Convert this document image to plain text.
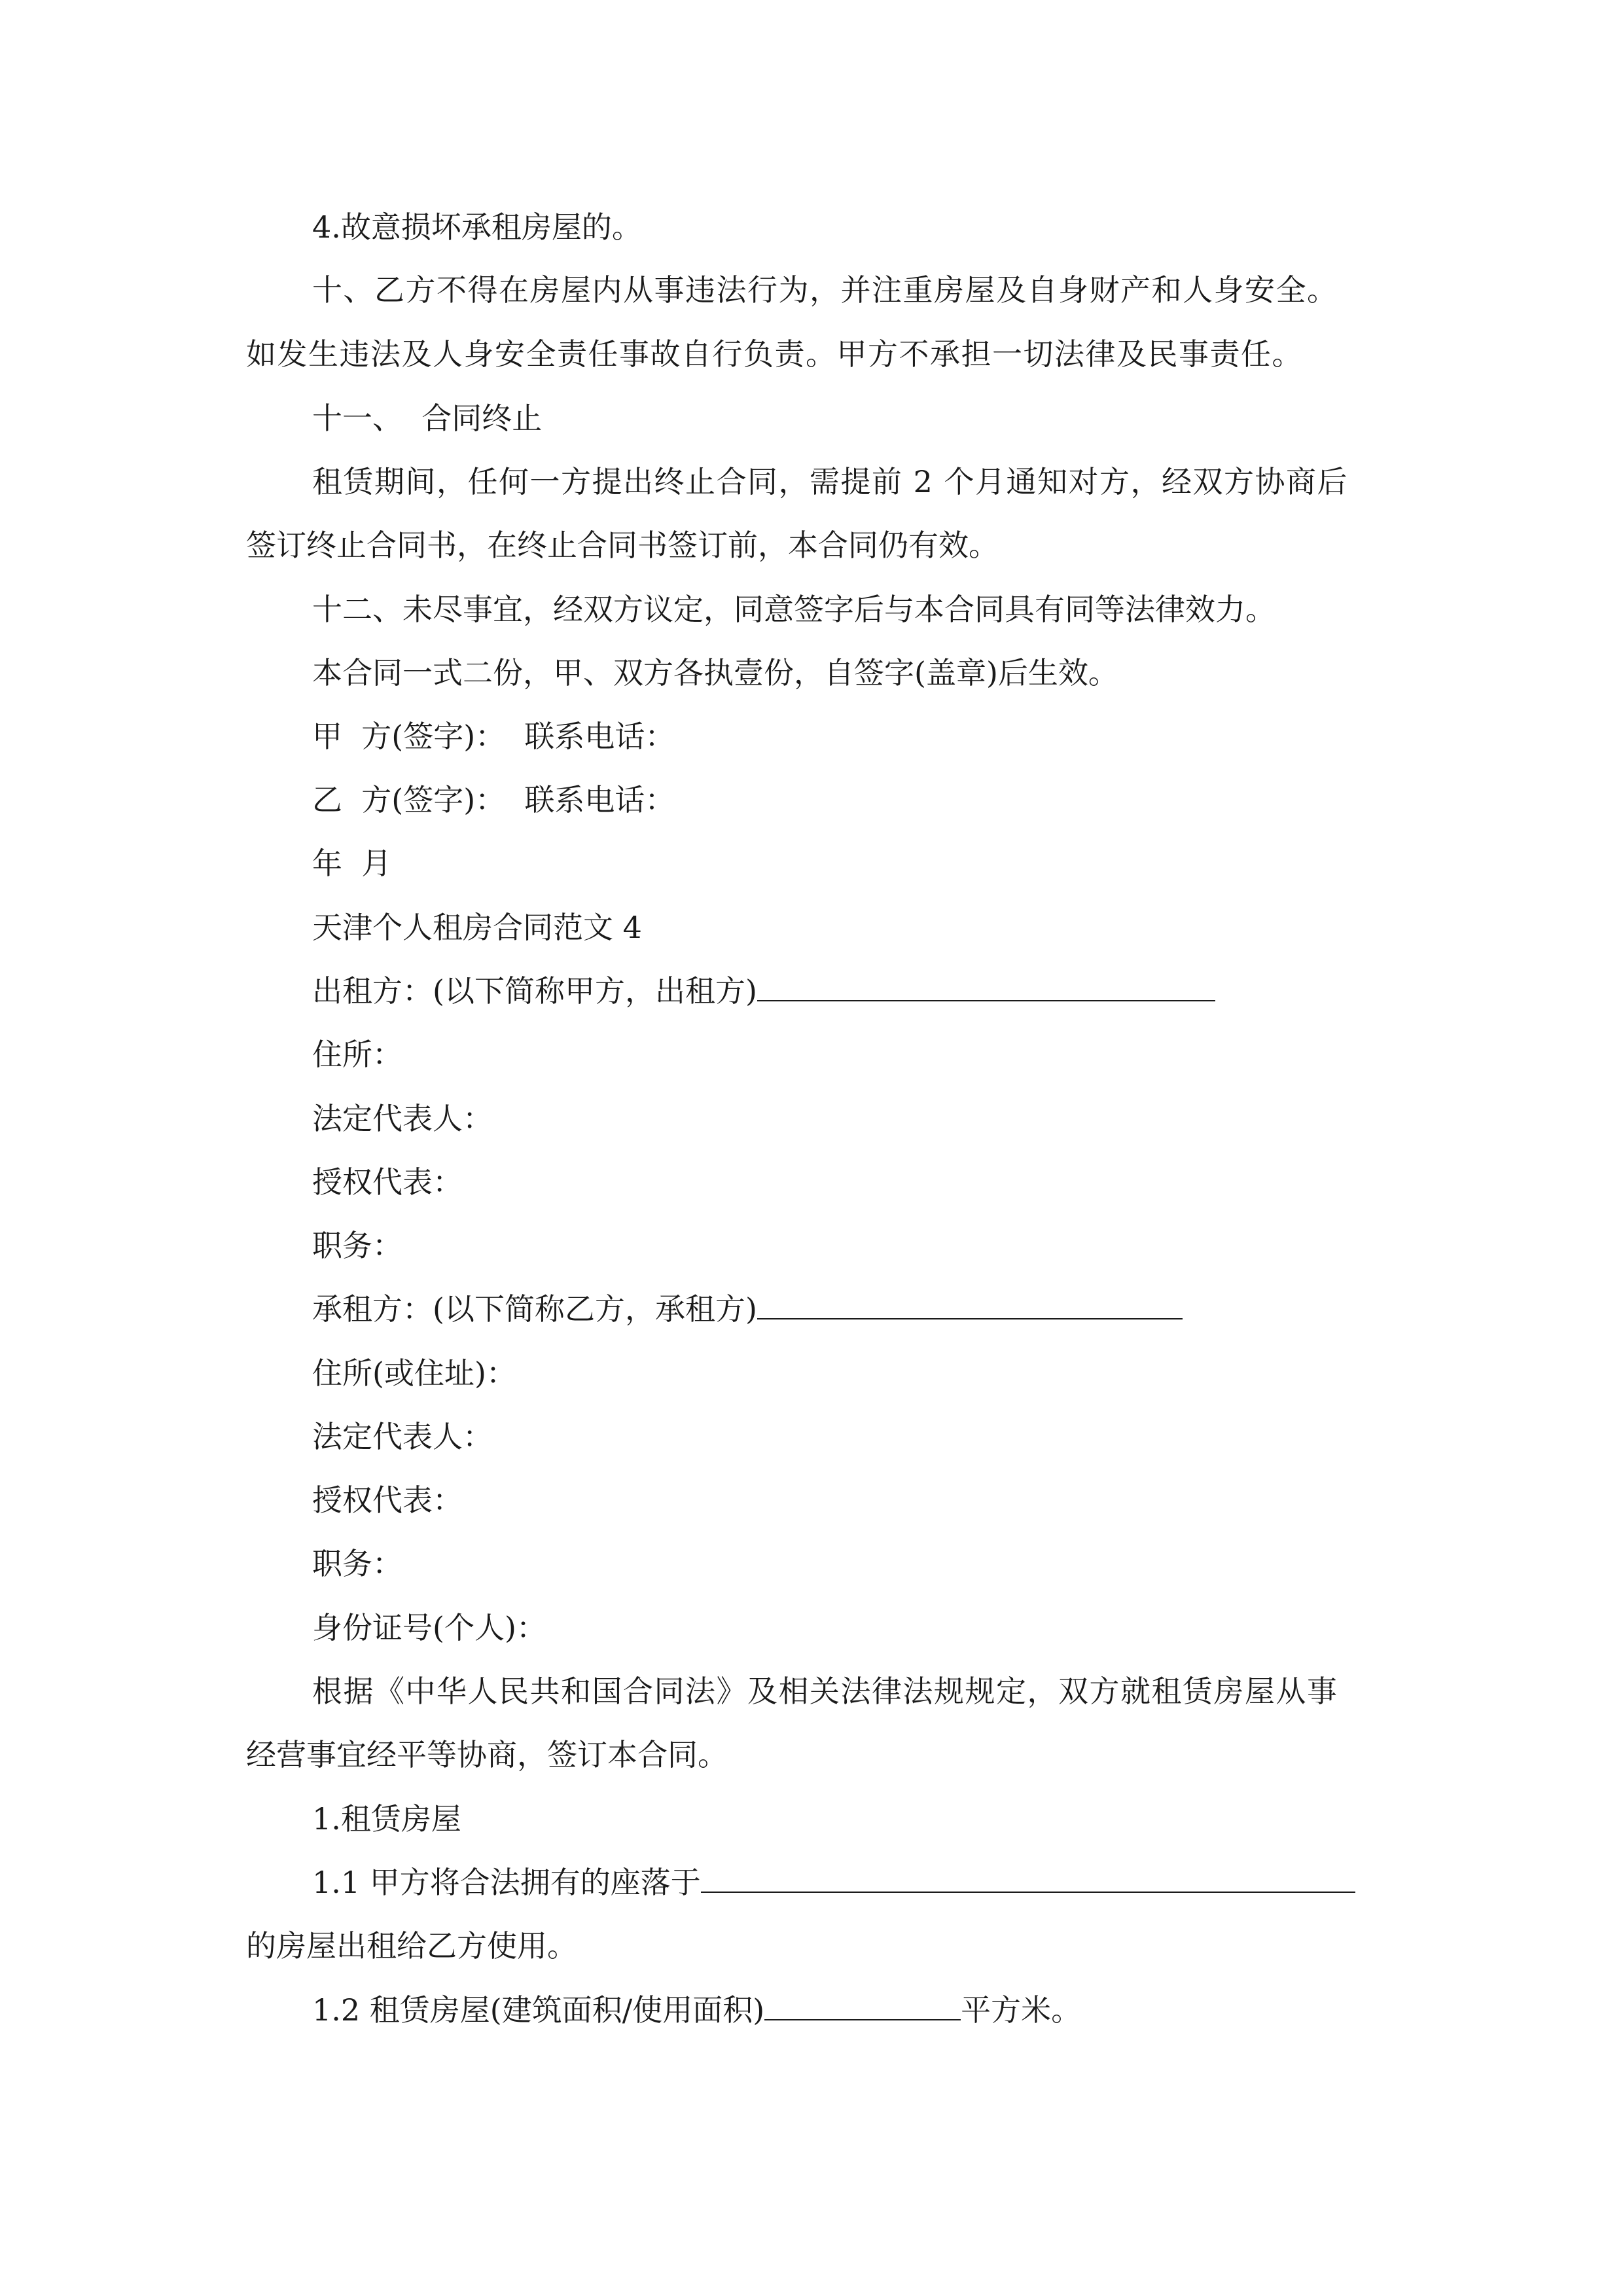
4.故意损坏承租房屋的。
十、乙方不得在房屋内从事违法行为，并注重房屋及自身财产和人身安全。
如发生违法及人身安全责任事故自行负责。甲方不承担一切法律及民事责任。
十一、  合同终止
租赁期间，任何一方提出终止合同，需提前 2 个月通知对方，经双方协商后
签订终止合同书，在终止合同书签订前，本合同仍有效。
十二、未尽事宜，经双方议定，同意签字后与本合同具有同等法律效力。
本合同一式二份，甲、双方各执壹份，自签字(盖章)后生效。
甲  方(签字)：  联系电话：
乙  方(签字)：  联系电话：
年  月
天津个人租房合同范文 4
出租方：(以下简称甲方，出租方)
住所：
法定代表人：
授权代表：
职务：
承租方：(以下简称乙方，承租方)
住所(或住址)：
法定代表人：
授权代表：
职务：
身份证号(个人)：
根据《中华人民共和国合同法》及相关法律法规规定，双方就租赁房屋从事
经营事宜经平等协商，签订本合同。
1.租赁房屋
1.1 甲方将合法拥有的座落于
的房屋出租给乙方使用。
1.2 租赁房屋(建筑面积/使用面积)	平方米。
